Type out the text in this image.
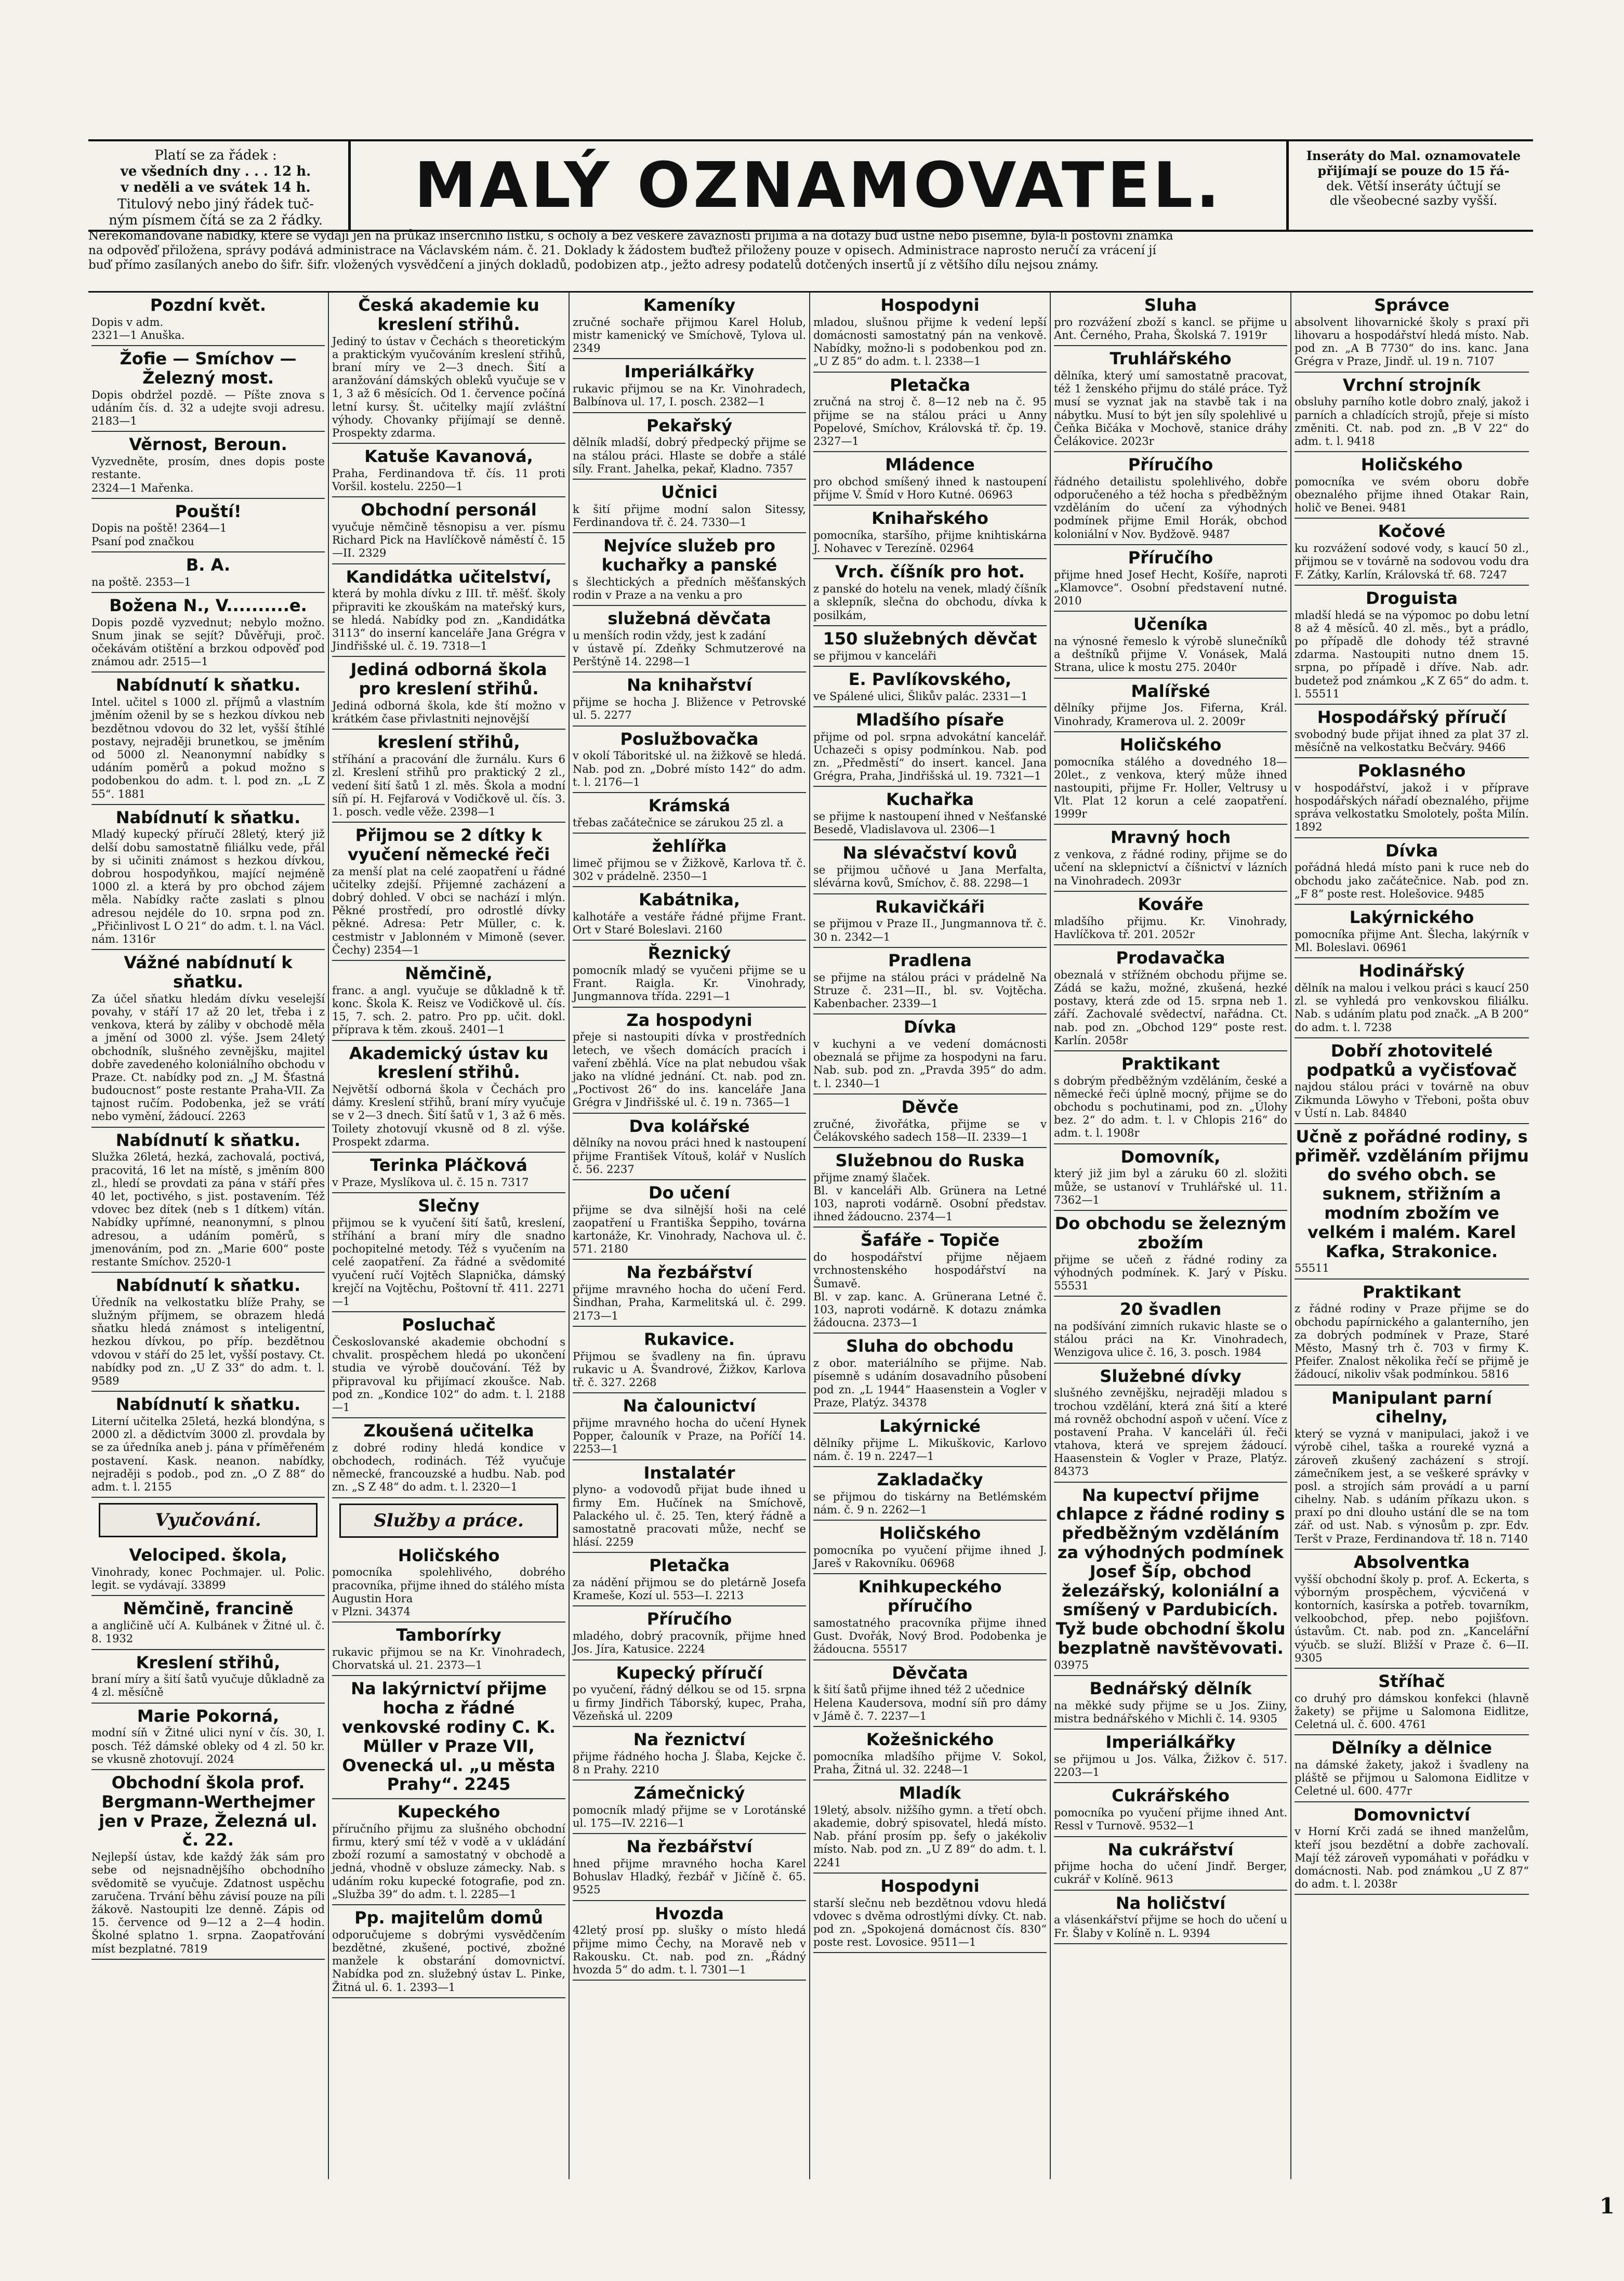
Platí se za řádek :
ve všedních dny . . . 12 h.
v neděli a ve svátek 14 h.
Titulový nebo jiný řádek tuč-
ným písmem čítá se za 2 řádky.	MALÝ OZNAMOVATEL.	Inseráty do Mal. oznamovatele
přijímají se pouze do 15 řá-
dek. Větší inseráty účtují se
dle všeobecné sazby vyšší.
Nerekomandované nabídky, které se vydají jen na průkaz inserčního lístku, s ocholy a bez veškeré závaznosti přijímá a na dotazy buď ústně nebo písemně, byla-li poštovní známka
na odpověď přiložena, správy podává administrace na Václavském nám. č. 21. Doklady k žádostem buďtež přiloženy pouze v opisech. Administrace naprosto neručí za vrácení jí
buď přímo zasílaných anebo do šifr. šifr. vložených vysvědčení a jiných dokladů, podobizen atp., ježto adresy podatelů dotčených insertů jí z většího dílu nejsou známy.
Pozdní květ.
Dopis v adm.
2321—1 Anuška.
Žofie — Smíchov — Železný most.
Dopis obdržel pozdě. — Píšte znova s udáním čís. d. 32 a udejte svoji adresu. 2183—1
Věrnost, Beroun.
Vyzvedněte, prosím, dnes dopis poste restante.
2324—1 Mařenka.
Pouští!
Dopis na poště! 2364—1
Psaní pod značkou
B. A.
na poště. 2353—1
Božena N., V..........e.
Dopis pozdě vyzvednut; nebylo možno. Snum jinak se sejít? Důvěřuji, proč. očekávám otištění a brzkou odpověď pod známou adr. 2515—1
Nabídnutí k sňatku.
Intel. učitel s 1000 zl. příjmů a vlastním jměním oženil by se s hezkou dívkou neb bezdětnou vdovou do 32 let, vyšší štíhlé postavy, nejraději brunetkou, se jměním od 5000 zl. Neanonymní nabídky s udáním poměrů a pokud možno s podobenkou do adm. t. l. pod zn. „L Z 55“. 1881
Nabídnutí k sňatku.
Mladý kupecký příručí 28letý, který již delší dobu samostatně filiálku vede, přál by si učiniti známost s hezkou dívkou, dobrou hospodyňkou, mající nejméně 1000 zl. a která by pro obchod zájem měla. Nabídky račte zaslati s plnou adresou nejdéle do 10. srpna pod zn. „Přičinlivost L O 21“ do adm. t. l. na Václ. nám. 1316r
Vážné nabídnutí k sňatku.
Za účel sňatku hledám dívku veselejší povahy, v stáří 17 až 20 let, třeba i z venkova, která by záliby v obchodě měla a jmění od 3000 zl. výše. Jsem 24letý obchodník, slušného zevnějšku, majitel dobře zavedeného koloniálního obchodu v Praze. Ct. nabídky pod zn. „J M. Šťastná budoucnost“ poste restante Praha-VII. Za tajnost ručím. Podobenka, jež se vrátí nebo vymění, žádoucí. 2263
Nabídnutí k sňatku.
Služka 26letá, hezká, zachovalá, poctivá, pracovitá, 16 let na místě, s jměním 800 zl., hledí se provdati za pána v stáří přes 40 let, poctivého, s jist. postavením. Též vdovec bez dítek (neb s 1 dítkem) vítán. Nabídky upřímné, neanonymní, s plnou adresou, a udáním poměrů, s jmenováním, pod zn. „Marie 600“ poste restante Smíchov. 2520-1
Nabídnutí k sňatku.
Úředník na velkostatku blíže Prahy, se služným příjmem, se obrazem hledá sňatku hledá známost s inteligentní, hezkou dívkou, po příp. bezdětnou vdovou v stáří do 25 let, vyšší postavy. Ct. nabídky pod zn. „U Z 33“ do adm. t. l. 9589
Nabídnutí k sňatku.
Literní učitelka 25letá, hezká blondýna, s 2000 zl. a dědictvím 3000 zl. provdala by se za úředníka aneb j. pána v příměřeném postavení. Kask. neanon. nabídky, nejraději s podob., pod zn. „O Z 88“ do adm. t. l. 2155
Vyučování.
Velociped. škola,
Vinohrady, konec Pochmajer. ul. Polic. legit. se vydávají. 33899
Němčině, francině
a angličině učí A. Kulbánek v Žitné ul. č. 8. 1932
Kreslení střihů,
braní míry a šití šatů vyučuje důkladně za 4 zl. měsíčně
Marie Pokorná,
modní síň v Žitné ulici nyní v čís. 30, I. posch. Též dámské obleky od 4 zl. 50 kr. se vkusně zhotovují. 2024
Obchodní škola prof. Bergmann-Werthejmer jen v Praze, Železná ul. č. 22.
Nejlepší ústav, kde každý žák sám pro sebe od nejsnadnějšího obchodního svědomitě se vyučuje. Zdatnost uspěchu zaručena. Trvání běhu závisí pouze na píli žákově. Nastoupiti lze denně. Zápis od 15. července od 9—12 a 2—4 hodin. Školné splatno 1. srpna. Zaopatřování míst bezplatné. 7819
Česká akademie ku kreslení střihů.
Jediný to ústav v Čechách s theoretickým a praktickým vyučováním kreslení střihů, braní míry ve 2—3 dnech. Šití a aranžování dámských obleků vyučuje se v 1, 3 až 6 měsících. Od 1. července počíná letní kursy. Št. učitelky majíí zvláštní výhody. Chovanky přijímají se denně. Prospekty zdarma.
Katuše Kavanová,
Praha, Ferdinandova tř. čís. 11 proti Voršil. kostelu. 2250—1
Obchodní personál
vyučuje němčině těsnopisu a ver. písmu Richard Pick na Havlíčkově náměstí č. 15—II. 2329
Kandidátka učitelství,
která by mohla dívku z III. tř. měšť. školy připraviti ke zkouškám na mateřský kurs, se hledá. Nabídky pod zn. „Kandidátka 3113“ do inserní kanceláře Jana Grégra v Jindřišské ul. č. 19. 7318—1
Jediná odborná škola pro kreslení střihů.
Jediná odborná škola, kde ští možno v krátkém čase přivlastniti nejnovější
kreslení střihů,
stříhání a pracování dle žurnálu. Kurs 6 zl. Kreslení střihů pro praktický 2 zl., vedení šití šatů 1 zl. měs. Škola a modní síň pí. H. Fejfarová v Vodičkově ul. čís. 3. 1. posch. vedle věže. 2398—1
Přijmou se 2 dítky k vyučení německé řeči
za menší plat na celé zaopatření u řádné učitelky zdejší. Přijemné zacházení a dobrý dohled. V obci se nachází i mlýn. Pěkné prostředí, pro odrostlé dívky pěkné. Adresa: Petr Müller, c. k. cestmistr v Jablonném v Mimoně (sever. Čechy) 2354—1
Němčině,
franc. a angl. vyučuje se důkladně k tř. konc. Škola K. Reisz ve Vodičkově ul. čís. 15, 7. sch. 2. patro. Pro pp. učit. dokl. příprava k těm. zkouš. 2401—1
Akademický ústav ku kreslení střihů.
Největší odborná škola v Čechách pro dámy. Kreslení střihů, braní míry vyučuje se v 2—3 dnech. Šití šatů v 1, 3 až 6 měs. Toilety zhotovují vkusně od 8 zl. výše. Prospekt zdarma.
Terinka Pláčková
v Praze, Myslíkova ul. č. 15 n. 7317
Slečny
přijmou se k vyučení šití šatů, kreslení, stříhání a braní míry dle snadno pochopitelné metody. Též s vyučením na celé zaopatření. Za řádné a svědomité vyučení ručí Vojtěch Slapnička, dámský krejčí na Vojtěchu, Poštovní tř. 411. 2271—1
Posluchač
Českoslovanské akademie obchodní s chvalit. prospěchem hledá po ukončení studia ve výrobě doučování. Též by připravoval ku přijímací zkoušce. Nab. pod zn. „Kondice 102“ do adm. t. l. 2188—1
Zkoušená učitelka
z dobré rodiny hledá kondice v obchodech, rodinách. Též vyučuje německé, francouzské a hudbu. Nab. pod zn. „S Z 48“ do adm. t. l. 2320—1
Služby a práce.
Holičského
pomocníka spolehlivého, dobrého pracovníka, přijme ihned do stálého místa
Augustin Hora
v Plzni. 34374
Tamborírky
rukavic přijmou se na Kr. Vinohradech, Chorvatská ul. 21. 2373—1
Na lakýrnictví přijme hocha z řádné venkovské rodiny C. K. Müller v Praze VII, Ovenecká ul. „u města Prahy“. 2245
Kupeckého
příručního přijmu za slušného obchodní firmu, který smí též v vodě a v ukládání zboží rozumí a samostatný v obchodě a jedná, vhodně v obsluze zámecky. Nab. s udáním roku kupecké fotografie, pod zn. „Služba 39“ do adm. t. l. 2285—1
Pp. majitelům domů
odporučujeme s dobrými vysvědčením bezdětné, zkušené, poctivé, zbožné manžele k obstarání domovnictví. Nabídka pod zn. služebný ústav L. Pinke, Žitná ul. 6. 1. 2393—1
Kameníky
zručné sochaře přijmou Karel Holub, mistr kamenický ve Smíchově, Tylova ul. 2349
Imperiálkářky
rukavic přijmou se na Kr. Vinohradech, Balbínova ul. 17, I. posch. 2382—1
Pekařský
dělník mladší, dobrý předpecký přijme se na stálou práci. Hlaste se dobře a stálé síly. Frant. Jahelka, pekař, Kladno. 7357
Učnici
k šití přijme modní salon Sitessy, Ferdinandova tř. č. 24. 7330—1
Nejvíce služeb pro kuchařky a panské
s šlechtických a předních měšťanských rodin v Praze a na venku a pro
služebná děvčata
u menších rodin vždy, jest k zadání
v ústavě pí. Zdeňky Schmutzerové na Perštýně 14. 2298—1
Na knihařství
přijme se hocha J. Bližence v Petrovské ul. 5. 2277
Poslužbovačka
v okolí Táboritské ul. na žižkově se hledá. Nab. pod zn. „Dobré místo 142“ do adm. t. l. 2176—1
Krámská
třebas začátečnice se zárukou 25 zl. a
žehlířka
limeč přijmou se v Žižkově, Karlova tř. č. 302 v prádelně. 2350—1
Kabátnika,
kalhotáře a vestáře řádné přijme Frant. Ort v Staré Boleslavi. 2160
Řeznický
pomocník mladý se vyučeni přijme se u Frant. Raigla. Kr. Vinohrady, Jungmannova třída. 2291—1
Za hospodyni
přeje si nastoupiti dívka v prostředních letech, ve všech domácích pracích i vaření zběhlá. Více na plat nebudou však jako na vlídné jednání. Ct. nab. pod zn. „Poctivost 26“ do ins. kanceláře Jana Grégra v Jindřišské ul. č. 19 n. 7365—1
Dva kolářské
dělníky na novou práci hned k nastoupení přijme František Vítouš, kolář v Nuslích č. 56. 2237
Do učení
přijme se dva silnější hoši na celé zaopatření u Františka Šeppiho, továrna kartonáže, Kr. Vinohrady, Nachova ul. č. 571. 2180
Na řezbářství
přijme mravného hocha do učení Ferd. Šindhan, Praha, Karmelitská ul. č. 299. 2173—1
Rukavice.
Přijmou se švadleny na fin. úpravu rukavic u A. Švandrové, Žižkov, Karlova tř. č. 327. 2268
Na čalounictví
přijme mravného hocha do učení Hynek Popper, čalouník v Praze, na Poříčí 14. 2253—1
Instalatér
plyno- a vodovodů přijat bude ihned u firmy Em. Hučínek na Smíchově, Palackého ul. č. 25. Ten, který řádně a samostatně pracovati může, nechť se hlásí. 2259
Pletačka
za nádění přijmou se do pletárně Josefa Krameše, Kozí ul. 553—I. 2213
Příručího
mladého, dobrý pracovník, přijme hned Jos. Jíra, Katusice. 2224
Kupecký příručí
po vyučení, řádný délkou se od 15. srpna u firmy Jindřich Táborský, kupec, Praha, Vězeňská ul. 2209
Na řeznictví
přijme řádného hocha J. Šlaba, Kejcke č. 8 n Prahy. 2210
Zámečnický
pomocník mladý přijme se v Lorotánské ul. 175—IV. 2216—1
Na řezbářství
hned přijme mravného hocha Karel Bohuslav Hladký, řezbář v Jičíně č. 65. 9525
Hvozda
42letý prosí pp. slušky o místo hledá přijme mimo Čechy, na Moravě neb v Rakousku. Ct. nab. pod zn. „Řádný hvozda 5“ do adm. t. l. 7301—1
Hospodyni
mladou, slušnou přijme k vedení lepší domácnosti samostatný pán na venkově. Nabídky, možno-li s podobenkou pod zn. „U Z 85“ do adm. t. l. 2338—1
Pletačka
zručná na stroj č. 8—12 neb na č. 95 přijme se na stálou práci u Anny Popelové, Smíchov, Královská tř. čp. 19. 2327—1
Mládence
pro obchod smíšený ihned k nastoupení přijme V. Šmíd v Horo Kutné. 06963
Knihařského
pomocníka, staršího, přijme knihtiskárna J. Nohavec v Terezíně. 02964
Vrch. číšník pro hot.
z panské do hotelu na venek, mladý číšník a sklepník, slečna do obchodu, dívka k posilkám,
150 služebných děvčat
se přijmou v kanceláři
E. Pavlíkovského,
ve Spálené ulici, Šlikův palác. 2331—1
Mladšího písaře
přijme od pol. srpna advokátní kancelář. Uchazeči s opisy podmínkou. Nab. pod zn. „Předměstí“ do insert. kancel. Jana Grégra, Praha, Jindřišská ul. 19. 7321—1
Kuchařka
se přijme k nastoupení ihned v Nešťanské Besedě, Vladislavova ul. 2306—1
Na slévačství kovů
se přijmou učňové u Jana Merfalta, slévárna kovů, Smíchov, č. 88. 2298—1
Rukavičkáři
se přijmou v Praze II., Jungmannova tř. č. 30 n. 2342—1
Pradlena
se přijme na stálou práci v prádelně Na Struze č. 231—II., bl. sv. Vojtěcha. Kabenbacher. 2339—1
Dívka
v kuchyni a ve vedení domácnosti obeznalá se přijme za hospodyni na faru. Nab. sub. pod zn. „Pravda 395“ do adm. t. l. 2340—1
Děvče
zručné, živořátka, přijme se v Čelákovského sadech 158—II. 2339—1
Služebnou do Ruska
přijme znamý šlaček.
Bl. v kanceláři Alb. Grünera na Letné 103, naproti vodárně. Osobní představ. ihned žádoucno. 2374—1
Šafáře - Topiče
do hospodářství přijme nějaem vrchnostenského hospodářství na Šumavě.
Bl. v zap. kanc. A. Grünerana Letné č. 103, naproti vodárně. K dotazu známka žádoucna. 2373—1
Sluha do obchodu
z obor. materiálního se přijme. Nab. písemně s udáním dosavadního působení pod zn. „L 1944“ Haasenstein a Vogler v Praze, Platýz. 34378
Lakýrnické
dělníky přijme L. Mikuškovic, Karlovo nám. č. 19 n. 2247—1
Zakladačky
se přijmou do tiskárny na Betlémském nám. č. 9 n. 2262—1
Holičského
pomocníka po vyučení přijme ihned J. Jareš v Rakovníku. 06968
Knihkupeckého příručího
samostatného pracovníka přijme ihned Gust. Dvořák, Nový Brod. Podobenka je žádoucna. 55517
Děvčata
k šití šatů přijme ihned též 2 učednice
Helena Kaudersova, modní síň pro dámy v Jámě č. 7. 2237—1
Kožešnického
pomocníka mladšího přijme V. Sokol, Praha, Žitná ul. 32. 2248—1
Mladík
19letý, absolv. nižšího gymn. a třetí obch. akademie, dobrý spisovatel, hledá místo. Nab. přání prosím pp. šefy o jakékoliv místo. Nab. pod zn. „U Z 89“ do adm. t. l. 2241
Hospodyni
starší slečnu neb bezdětnou vdovu hledá vdovec s dvěma odrostlými dívky. Ct. nab. pod zn. „Spokojená domácnost čís. 830“ poste rest. Lovosice. 9511—1
Sluha
pro rozvážení zboží s kancl. se přijme u Ant. Černého, Praha, Školská 7. 1919r
Truhlářského
dělníka, který umí samostatně pracovat, též 1 ženského přijmu do stálé práce. Tyž musí se vyznat jak na stavbě tak i na nábytku. Musí to být jen síly spolehlivé u Čeňka Bičáka v Mochově, stanice dráhy Čelákovice. 2023r
Příručího
řádného detailistu spolehlivého, dobře odporučeného a též hocha s předběžným vzděláním do učení za výhodných podmínek přijme Emil Horák, obchod koloniální v Nov. Bydžově. 9487
Příručího
přijme hned Josef Hecht, Košíře, naproti „Klamovce“. Osobní představení nutné. 2010
Učeníka
na výnosné řemeslo k výrobě slunečníků a deštníků přijme V. Vonásek, Malá Strana, ulice k mostu 275. 2040r
Malířské
dělníky přijme Jos. Fiferna, Král. Vinohrady, Kramerova ul. 2. 2009r
Holičského
pomocníka stálého a dovedného 18—20let., z venkova, který může ihned nastoupiti, přijme Fr. Holler, Veltrusy u Vlt. Plat 12 korun a celé zaopatření. 1999r
Mravný hoch
z venkova, z řádné rodiny, přijme se do učení na sklepnictví a číšnictví v lázních na Vinohradech. 2093r
Kováře
mladšího přijmu. Kr. Vinohrady, Havlíčkova tř. 201. 2052r
Prodavačka
obeznalá v střížném obchodu přijme se. Zádá se kažu, možné, zkušená, hezké postavy, která zde od 15. srpna neb 1. září. Zachovalé svědectví, nařádna. Ct. nab. pod zn. „Obchod 129“ poste rest. Karlín. 2058r
Praktikant
s dobrým předběžným vzděláním, české a německé řeči úplně mocný, přijme se do obchodu s pochutinami, pod zn. „Úlohy bez. 2“ do adm. t. l. v Chlopis 216“ do adm. t. l. 1908r
Domovník,
který již jim byl a záruku 60 zl. složiti může, se ustanoví v Truhlářské ul. 11. 7362—1
Do obchodu se železným zbožím
přijme se učeň z řádné rodiny za výhodných podmínek. K. Jarý v Písku. 55531
20 švadlen
na podšívání zimních rukavic hlaste se o stálou práci na Kr. Vinohradech, Wenzigova ulice č. 16, 3. posch. 1984
Služebné dívky
slušného zevnějšku, nejraději mladou s trochou vzdělání, která zná šití a které má rovněž obchodní aspoň v učení. Více z postavení Praha. V kanceláři úl. řeči vtahova, která ve sprejem žádoucí. Haasenstein & Vogler v Praze, Platýz. 84373
Na kupectví přijme chlapce z řádné rodiny s předběžným vzděláním za výhodných podmínek Josef Šíp, obchod železářský, koloniální a smíšený v Pardubicích. Tyž bude obchodní školu bezplatně navštěvovati.
03975
Bednářský dělník
na měkké sudy přijme se u Jos. Ziiny, mistra bednářského v Michli č. 14. 9305
Imperiálkářky
se přijmou u Jos. Válka, Žižkov č. 517. 2203—1
Cukrářského
pomocníka po vyučení přijme ihned Ant. Ressl v Turnově. 9532—1
Na cukrářství
přijme hocha do učení Jindř. Berger, cukrář v Kolíně. 9613
Na holičství
a vlásenkářství přijme se hoch do učení u Fr. Šlaby v Kolíně n. L. 9394
Správce
absolvent lihovarnické školy s praxí při lihovaru a hospodářství hledá místo. Nab. pod zn. „A B 7730“ do ins. kanc. Jana Grégra v Praze, Jindř. ul. 19 n. 7107
Vrchní strojník
obsluhy parního kotle dobro znalý, jakož i parních a chladících strojů, přeje si místo změniti. Ct. nab. pod zn. „B V 22“ do adm. t. l. 9418
Holičského
pomocníka ve svém oboru dobře obeznalého přijme ihned Otakar Rain, holič ve Benei. 9481
Kočové
ku rozvážení sodové vody, s kaucí 50 zl., přijmou se v továrně na sodovou vodu dra F. Zátky, Karlín, Královská tř. 68. 7247
Droguista
mladší hledá se na výpomoc po dobu letní 8 až 4 měsíců. 40 zl. měs., byt a prádlo, po případě dle dohody též stravné zdarma. Nastoupiti nutno dnem 15. srpna, po případě i dříve. Nab. adr. budetež pod známkou „K Z 65“ do adm. t. l. 55511
Hospodářský příručí
svobodný bude přijat ihned za plat 37 zl. měsíčně na velkostatku Bečváry. 9466
Poklasného
v hospodářství, jakož i v příprave hospodářských nářadí obeznalého, přijme správa velkostatku Smolotely, pošta Milín. 1892
Dívka
pořádná hledá místo pani k ruce neb do obchodu jako začátečnice. Nab. pod zn. „F 8“ poste rest. Holešovice. 9485
Lakýrnického
pomocníka přijme Ant. Šlecha, lakýrník v Ml. Boleslavi. 06961
Hodinářský
dělník na malou i velkou práci s kaucí 250 zl. se vyhledá pro venkovskou filiálku. Nab. s udáním platu pod značk. „A B 200“ do adm. t. l. 7238
Dobří zhotovitelé podpatků a vyčisťovač
najdou stálou práci v továrně na obuv Zikmunda Löwyho v Třeboni, pošta obuv v Ústí n. Lab. 84840
Učně z pořádné rodiny, s přiměř. vzděláním přijmu do svého obch. se suknem, střižním a modním zbožím ve velkém i malém. Karel Kafka, Strakonice.
55511
Praktikant
z řádné rodiny v Praze přijme se do obchodu papírnického a galanterního, jen za dobrých podmínek v Praze, Staré Město, Masný trh č. 703 v firmy K. Pfeifer. Znalost několika řečí se přijmě je žádoucí, nikoliv však podmínkou. 5816
Manipulant parní cihelny,
který se vyzná v manipulaci, jakož i ve výrobě cihel, taška a roureké vyzná a zároveň zkušený zacházení s strojí. zámečníkem jest, a se veškeré správky v posl. a strojích sám provádí a u parní cihelny. Nab. s udáním příkazu ukon. s praxí po dni dlouho ustání dle se na tom zář. od ust. Nab. s výnosům p. zpr. Edv. Teršt v Praze, Ferdinandova tř. 18 n. 7140
Absolventka
vyšší obchodní školy p. prof. A. Eckerta, s výborným prospěchem, výcvičená v kontorních, kasírska a potřeb. tovarníkm, velkoobchod, přep. nebo pojišťovn. ústavům. Ct. nab. pod zn. „Kancelářní výučb. se služí. Bližší v Praze č. 6—II. 9305
Stříhač
co druhý pro dámskou konfekci (hlavně žakety) se přijme u Salomona Eidlitze, Celetná ul. č. 600. 4761
Dělníky a dělnice
na dámské žakety, jakož i švadleny na pláště se přijmou u Salomona Eidlitze v Celetné ul. 600. 477r
Domovnictví
v Horní Krči zadá se ihned manželům, kteří jsou bezdětní a dobře zachovalí. Mají též zároveň vypomáhati v pořádku v domácnosti. Nab. pod známkou „U Z 87“ do adm. t. l. 2038r
1
